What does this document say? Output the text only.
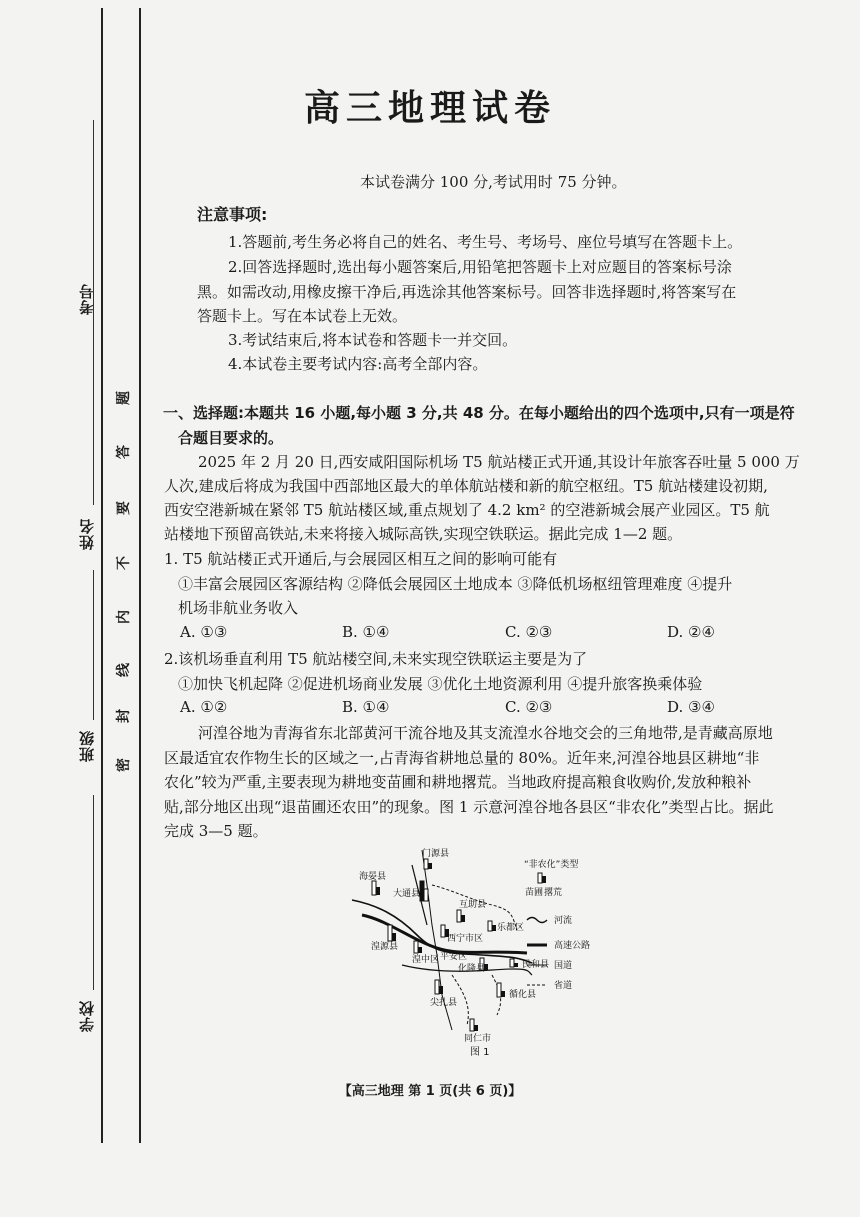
考号
姓名
班级
学校
题
答
要
不
内
线
封
密
高三地理试卷
本试卷满分 100 分,考试用时 75 分钟。
注意事项:
1.答题前,考生务必将自己的姓名、考生号、考场号、座位号填写在答题卡上。
2.回答选择题时,选出每小题答案后,用铅笔把答题卡上对应题目的答案标号涂
黑。如需改动,用橡皮擦干净后,再选涂其他答案标号。回答非选择题时,将答案写在
答题卡上。写在本试卷上无效。
3.考试结束后,将本试卷和答题卡一并交回。
4.本试卷主要考试内容:高考全部内容。
一、选择题:本题共 16 小题,每小题 3 分,共 48 分。在每小题给出的四个选项中,只有一项是符
合题目要求的。
2025 年 2 月 20 日,西安咸阳国际机场 T5 航站楼正式开通,其设计年旅客吞吐量 5 000 万
人次,建成后将成为我国中西部地区最大的单体航站楼和新的航空枢纽。T5 航站楼建设初期,
西安空港新城在紧邻 T5 航站楼区域,重点规划了 4.2 km² 的空港新城会展产业园区。T5 航
站楼地下预留高铁站,未来将接入城际高铁,实现空铁联运。据此完成 1—2 题。
1. T5 航站楼正式开通后,与会展园区相互之间的影响可能有
①丰富会展园区客源结构 ②降低会展园区土地成本 ③降低机场枢纽管理难度 ④提升
机场非航业务收入
A. ①③	B. ①④	C. ②③	D. ②④
2.该机场垂直利用 T5 航站楼空间,未来实现空铁联运主要是为了
①加快飞机起降 ②促进机场商业发展 ③优化土地资源利用 ④提升旅客换乘体验
A. ①②	B. ①④	C. ②③	D. ③④
河湟谷地为青海省东北部黄河干流谷地及其支流湟水谷地交会的三角地带,是青藏高原地
区最适宜农作物生长的区域之一,占青海省耕地总量的 80%。近年来,河湟谷地县区耕地“非
农化”较为严重,主要表现为耕地变苗圃和耕地撂荒。当地政府提高粮食收购价,发放种粮补
贴,部分地区出现“退苗圃还农田”的现象。图 1 示意河湟谷地各县区“非农化”类型占比。据此
完成 3—5 题。
门源县
海晏县
大通县
互助县
乐都区
西宁市区
湟源县
湟中区 平安区
化隆县	民和县
尖扎县
循化县
同仁市
“非农化”类型
苗圃 撂荒
河流
高速公路
国道
省道
图 1
【高三地理 第 1 页(共 6 页)】
